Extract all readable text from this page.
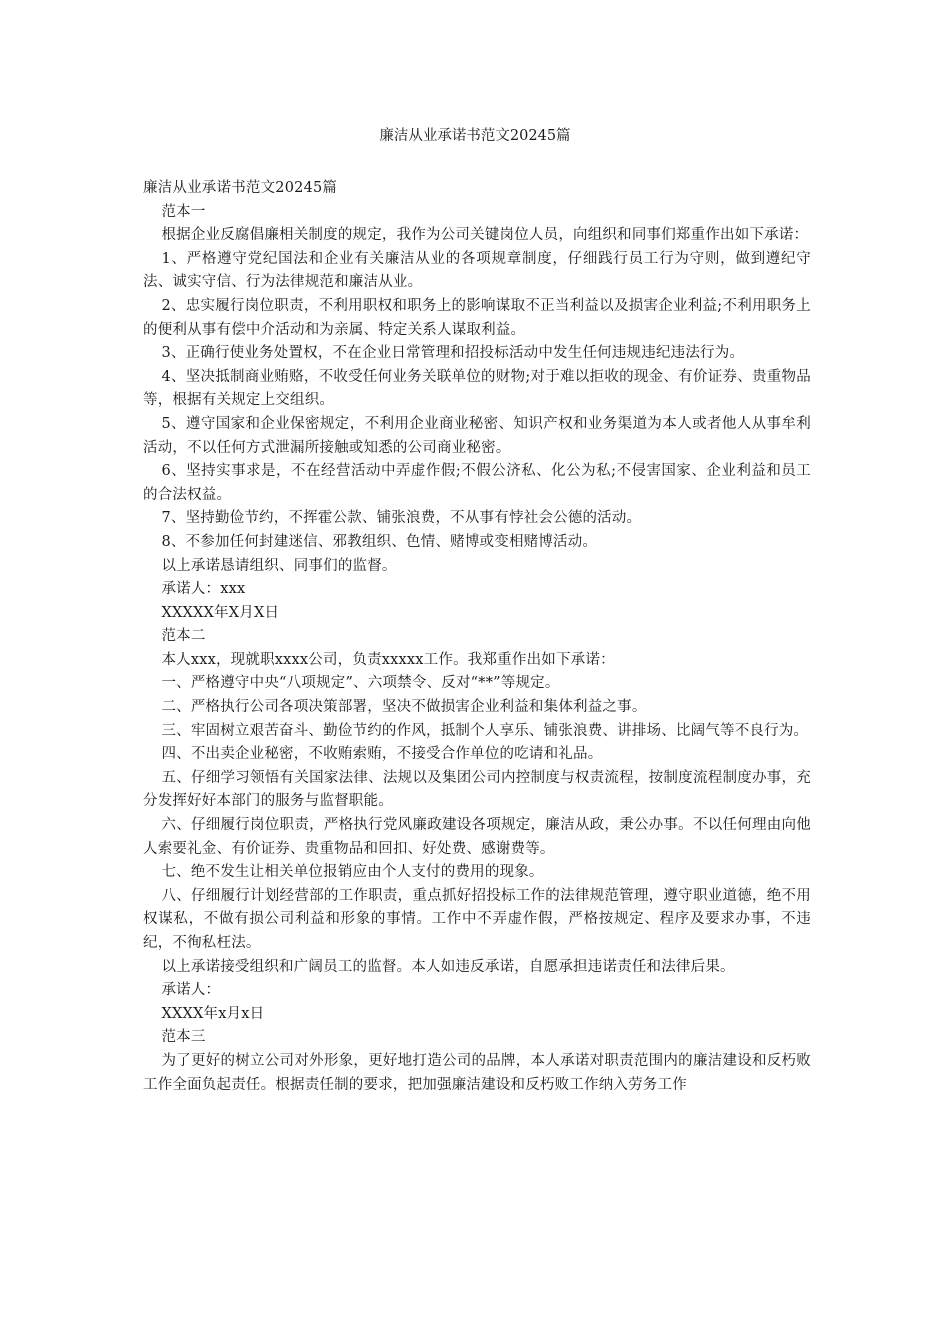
廉洁从业承诺书范文20245篇

廉洁从业承诺书范文20245篇

范本一

根据企业反腐倡廉相关制度的规定，我作为公司关键岗位人员，向组织和同事们郑重作出如下承诺：

1、严格遵守党纪国法和企业有关廉洁从业的各项规章制度，仔细践行员工行为守则，做到遵纪守法、诚实守信、行为法律规范和廉洁从业。

2、忠实履行岗位职责，不利用职权和职务上的影响谋取不正当利益以及损害企业利益;不利用职务上的便利从事有偿中介活动和为亲属、特定关系人谋取利益。

3、正确行使业务处置权，不在企业日常管理和招投标活动中发生任何违规违纪违法行为。

4、坚决抵制商业贿赂，不收受任何业务关联单位的财物;对于难以拒收的现金、有价证券、贵重物品等，根据有关规定上交组织。

5、遵守国家和企业保密规定，不利用企业商业秘密、知识产权和业务渠道为本人或者他人从事牟利活动，不以任何方式泄漏所接触或知悉的公司商业秘密。

6、坚持实事求是，不在经营活动中弄虚作假;不假公济私、化公为私;不侵害国家、企业利益和员工的合法权益。

7、坚持勤俭节约，不挥霍公款、铺张浪费，不从事有悖社会公德的活动。

8、不参加任何封建迷信、邪教组织、色情、赌博或变相赌博活动。

以上承诺恳请组织、同事们的监督。

承诺人：xxx

XXXXX年X月X日

范本二

本人xxx，现就职xxxx公司，负责xxxxx工作。我郑重作出如下承诺：

一、严格遵守中央“八项规定”、六项禁令、反对“**”等规定。

二、严格执行公司各项决策部署，坚决不做损害企业利益和集体利益之事。

三、牢固树立艰苦奋斗、勤俭节约的作风，抵制个人享乐、铺张浪费、讲排场、比阔气等不良行为。

四、不出卖企业秘密，不收贿索贿，不接受合作单位的吃请和礼品。

五、仔细学习领悟有关国家法律、法规以及集团公司内控制度与权责流程，按制度流程制度办事，充分发挥好好本部门的服务与监督职能。

六、仔细履行岗位职责，严格执行党风廉政建设各项规定，廉洁从政，秉公办事。不以任何理由向他人索要礼金、有价证券、贵重物品和回扣、好处费、感谢费等。

七、绝不发生让相关单位报销应由个人支付的费用的现象。

八、仔细履行计划经营部的工作职责，重点抓好招投标工作的法律规范管理，遵守职业道德，绝不用权谋私，不做有损公司利益和形象的事情。工作中不弄虚作假，严格按规定、程序及要求办事，不违纪，不徇私枉法。

以上承诺接受组织和广阔员工的监督。本人如违反承诺，自愿承担违诺责任和法律后果。

承诺人：

XXXX年x月x日

范本三

为了更好的树立公司对外形象，更好地打造公司的品牌，本人承诺对职责范围内的廉洁建设和反朽败工作全面负起责任。根据责任制的要求，把加强廉洁建设和反朽败工作纳入劳务工作
